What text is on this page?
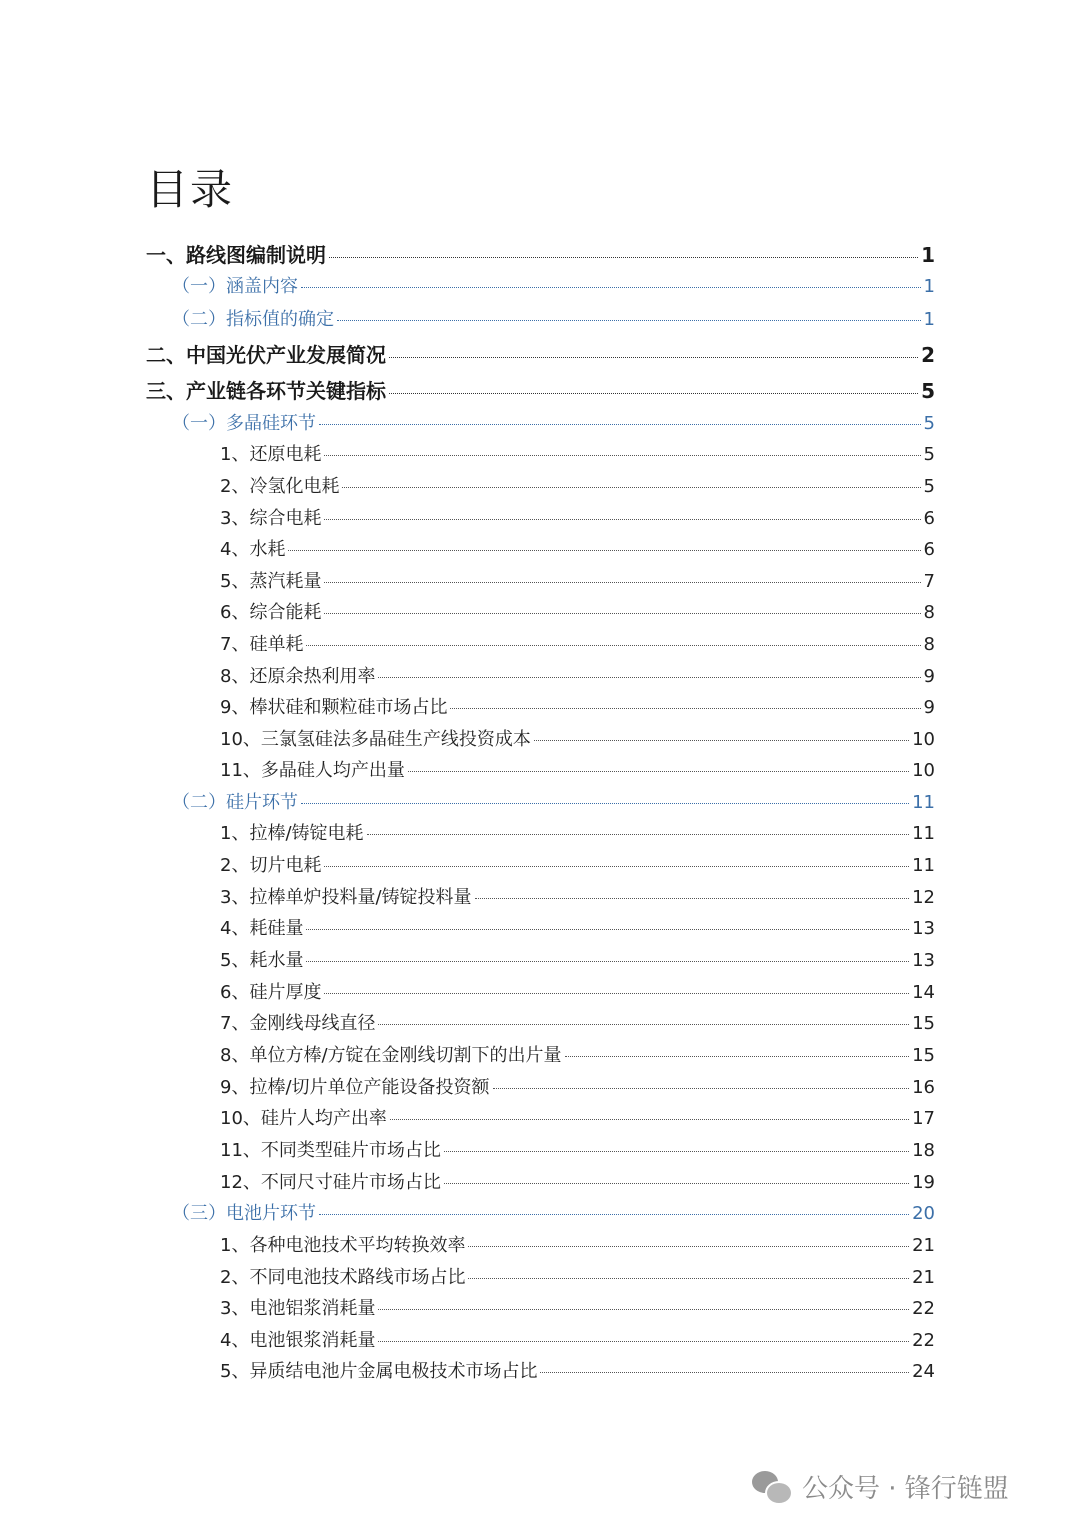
目录
一、路线图编制说明	1
（一）涵盖内容	1
（二）指标值的确定	1
二、中国光伏产业发展简况	2
三、产业链各环节关键指标	5
（一）多晶硅环节	5
1、还原电耗	5
2、冷氢化电耗	5
3、综合电耗	6
4、水耗	6
5、蒸汽耗量	7
6、综合能耗	8
7、硅单耗	8
8、还原余热利用率	9
9、棒状硅和颗粒硅市场占比	9
10、三氯氢硅法多晶硅生产线投资成本	10
11、多晶硅人均产出量	10
（二）硅片环节	11
1、拉棒/铸锭电耗	11
2、切片电耗	11
3、拉棒单炉投料量/铸锭投料量	12
4、耗硅量	13
5、耗水量	13
6、硅片厚度	14
7、金刚线母线直径	15
8、单位方棒/方锭在金刚线切割下的出片量	15
9、拉棒/切片单位产能设备投资额	16
10、硅片人均产出率	17
11、不同类型硅片市场占比	18
12、不同尺寸硅片市场占比	19
（三）电池片环节	20
1、各种电池技术平均转换效率	21
2、不同电池技术路线市场占比	21
3、电池铝浆消耗量	22
4、电池银浆消耗量	22
5、异质结电池片金属电极技术市场占比	24
公众号 · 锋行链盟
